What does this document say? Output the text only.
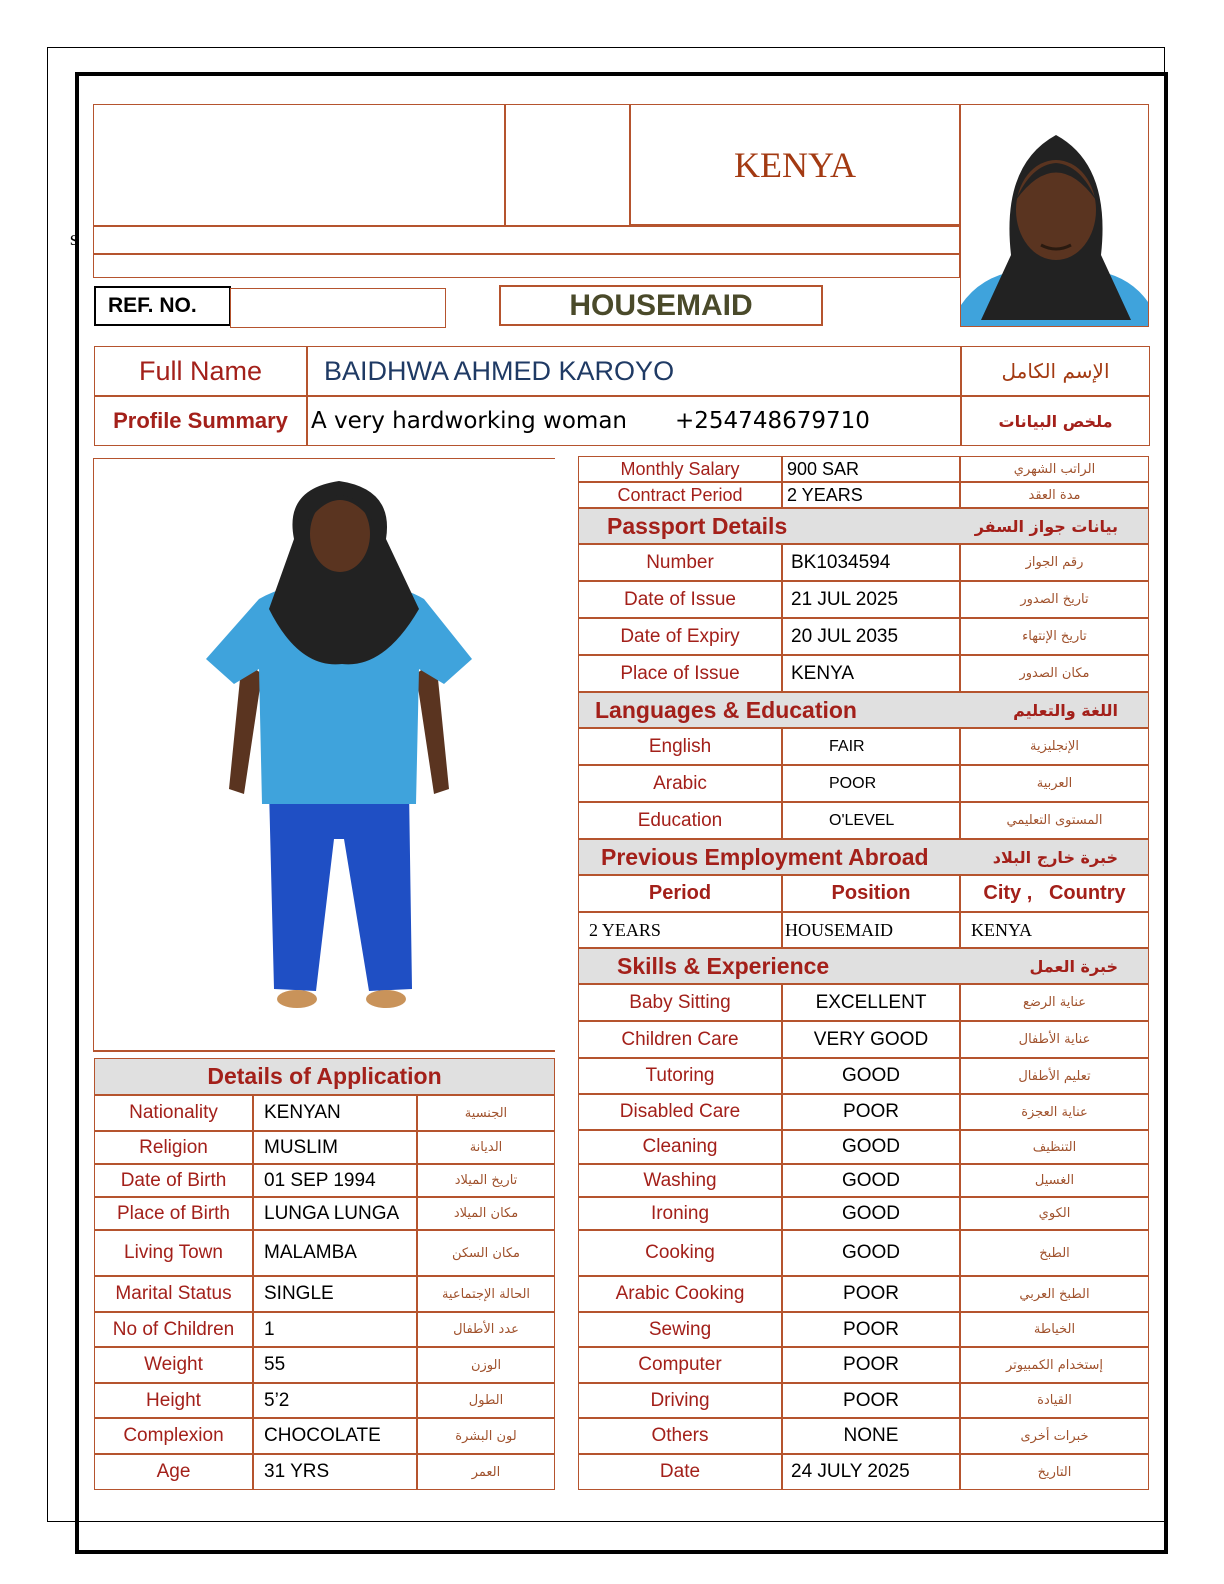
KENYA
s
REF. NO.	HOUSEMAID
Full Name	BAIDHWA AHMED KAROYO	الإسم الكامل
Profile Summary	A very hardworking woman +254748679710	ملخص البيانات
Details of Application
Nationality	KENYAN	الجنسية
Religion	MUSLIM	الديانة
Date of Birth	01 SEP 1994	تاريخ الميلاد
Place of Birth	LUNGA LUNGA	مكان الميلاد
Living Town	MALAMBA	مكان السكن
Marital Status	SINGLE	الحالة الإجتماعية
No of Children	1	عدد الأطفال
Weight	55	الوزن
Height	5’2	الطول
Complexion	CHOCOLATE	لون البشرة
Age	31 YRS	العمر
Monthly Salary	900 SAR	الراتب الشهري
Contract Period	2 YEARS	مدة العقد
Passport Details	بيانات جواز السفر
Number	BK1034594	رقم الجواز
Date of Issue	21 JUL 2025	تاريخ الصدور
Date of Expiry	20 JUL 2035	تاريخ الإنتهاء
Place of Issue	KENYA	مكان الصدور
Languages & Education	اللغة والتعليم
English	FAIR	الإنجليزية
Arabic	POOR	العربية
Education	O'LEVEL	المستوى التعليمي
Previous Employment Abroad	خبرة خارج البلاد
Period	Position	City ,   Country
2 YEARS	HOUSEMAID	KENYA
Skills & Experience	خبرة العمل
Baby Sitting	EXCELLENT	عناية الرضع
Children Care	VERY GOOD	عناية الأطفال
Tutoring	GOOD	تعليم الأطفال
Disabled Care	POOR	عناية العجزة
Cleaning	GOOD	التنظيف
Washing	GOOD	الغسيل
Ironing	GOOD	الكوي
Cooking	GOOD	الطبخ
Arabic Cooking	POOR	الطبخ العربي
Sewing	POOR	الخياطة
Computer	POOR	إستخدام الكمبيوتر
Driving	POOR	القيادة
Others	NONE	خبرات أخرى
Date	24 JULY 2025	التاريخ
